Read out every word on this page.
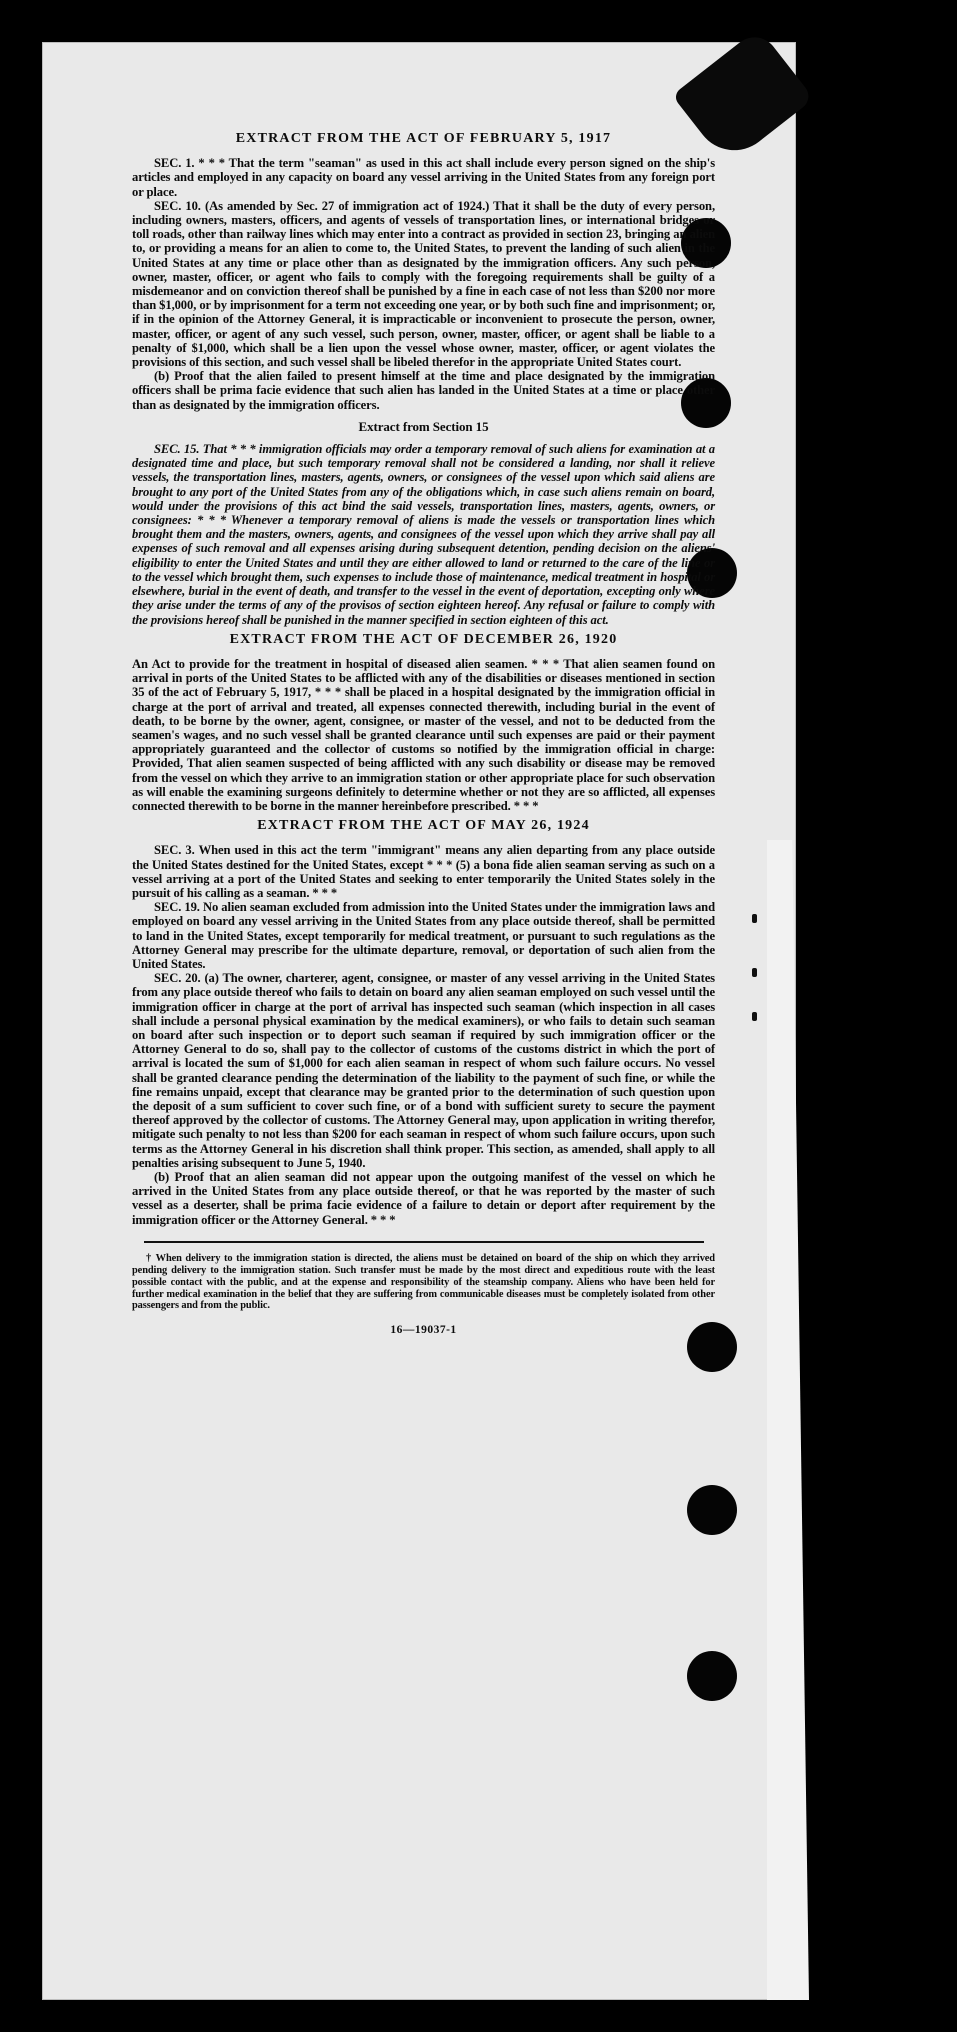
EXTRACT FROM THE ACT OF FEBRUARY 5, 1917

SEC. 1. * * * That the term "seaman" as used in this act shall include every person signed on the ship's articles and employed in any capacity on board any vessel arriving in the United States from any foreign port or place.

SEC. 10. (As amended by Sec. 27 of immigration act of 1924.) That it shall be the duty of every person, including owners, masters, officers, and agents of vessels of transportation lines, or international bridges or toll roads, other than railway lines which may enter into a contract as provided in section 23, bringing an alien to, or providing a means for an alien to come to, the United States, to prevent the landing of such alien in the United States at any time or place other than as designated by the immigration officers. Any such person, owner, master, officer, or agent who fails to comply with the foregoing requirements shall be guilty of a misdemeanor and on conviction thereof shall be punished by a fine in each case of not less than $200 nor more than $1,000, or by imprisonment for a term not exceeding one year, or by both such fine and imprisonment; or, if in the opinion of the Attorney General, it is impracticable or inconvenient to prosecute the person, owner, master, officer, or agent of any such vessel, such person, owner, master, officer, or agent shall be liable to a penalty of $1,000, which shall be a lien upon the vessel whose owner, master, officer, or agent violates the provisions of this section, and such vessel shall be libeled therefor in the appropriate United States court.

(b) Proof that the alien failed to present himself at the time and place designated by the immigration officers shall be prima facie evidence that such alien has landed in the United States at a time or place other than as designated by the immigration officers.

Extract from Section 15

SEC. 15. That * * * immigration officials may order a temporary removal of such aliens for examination at a designated time and place, but such temporary removal shall not be considered a landing, nor shall it relieve vessels, the transportation lines, masters, agents, owners, or consignees of the vessel upon which said aliens are brought to any port of the United States from any of the obligations which, in case such aliens remain on board, would under the provisions of this act bind the said vessels, transportation lines, masters, agents, owners, or consignees: * * * Whenever a temporary removal of aliens is made the vessels or transportation lines which brought them and the masters, owners, agents, and consignees of the vessel upon which they arrive shall pay all expenses of such removal and all expenses arising during subsequent detention, pending decision on the aliens' eligibility to enter the United States and until they are either allowed to land or returned to the care of the line or to the vessel which brought them, such expenses to include those of maintenance, medical treatment in hospital or elsewhere, burial in the event of death, and transfer to the vessel in the event of deportation, excepting only where they arise under the terms of any of the provisos of section eighteen hereof. Any refusal or failure to comply with the provisions hereof shall be punished in the manner specified in section eighteen of this act.

EXTRACT FROM THE ACT OF DECEMBER 26, 1920

An Act to provide for the treatment in hospital of diseased alien seamen. * * * That alien seamen found on arrival in ports of the United States to be afflicted with any of the disabilities or diseases mentioned in section 35 of the act of February 5, 1917, * * * shall be placed in a hospital designated by the immigration official in charge at the port of arrival and treated, all expenses connected therewith, including burial in the event of death, to be borne by the owner, agent, consignee, or master of the vessel, and not to be deducted from the seamen's wages, and no such vessel shall be granted clearance until such expenses are paid or their payment appropriately guaranteed and the collector of customs so notified by the immigration official in charge: Provided, That alien seamen suspected of being afflicted with any such disability or disease may be removed from the vessel on which they arrive to an immigration station or other appropriate place for such observation as will enable the examining surgeons definitely to determine whether or not they are so afflicted, all expenses connected therewith to be borne in the manner hereinbefore prescribed. * * *

EXTRACT FROM THE ACT OF MAY 26, 1924

SEC. 3. When used in this act the term "immigrant" means any alien departing from any place outside the United States destined for the United States, except * * * (5) a bona fide alien seaman serving as such on a vessel arriving at a port of the United States and seeking to enter temporarily the United States solely in the pursuit of his calling as a seaman. * * *

SEC. 19. No alien seaman excluded from admission into the United States under the immigration laws and employed on board any vessel arriving in the United States from any place outside thereof, shall be permitted to land in the United States, except temporarily for medical treatment, or pursuant to such regulations as the Attorney General may prescribe for the ultimate departure, removal, or deportation of such alien from the United States.

SEC. 20. (a) The owner, charterer, agent, consignee, or master of any vessel arriving in the United States from any place outside thereof who fails to detain on board any alien seaman employed on such vessel until the immigration officer in charge at the port of arrival has inspected such seaman (which inspection in all cases shall include a personal physical examination by the medical examiners), or who fails to detain such seaman on board after such inspection or to deport such seaman if required by such immigration officer or the Attorney General to do so, shall pay to the collector of customs of the customs district in which the port of arrival is located the sum of $1,000 for each alien seaman in respect of whom such failure occurs. No vessel shall be granted clearance pending the determination of the liability to the payment of such fine, or while the fine remains unpaid, except that clearance may be granted prior to the determination of such question upon the deposit of a sum sufficient to cover such fine, or of a bond with sufficient surety to secure the payment thereof approved by the collector of customs. The Attorney General may, upon application in writing therefor, mitigate such penalty to not less than $200 for each seaman in respect of whom such failure occurs, upon such terms as the Attorney General in his discretion shall think proper. This section, as amended, shall apply to all penalties arising subsequent to June 5, 1940.

(b) Proof that an alien seaman did not appear upon the outgoing manifest of the vessel on which he arrived in the United States from any place outside thereof, or that he was reported by the master of such vessel as a deserter, shall be prima facie evidence of a failure to detain or deport after requirement by the immigration officer or the Attorney General. * * *

† When delivery to the immigration station is directed, the aliens must be detained on board of the ship on which they arrived pending delivery to the immigration station. Such transfer must be made by the most direct and expeditious route with the least possible contact with the public, and at the expense and responsibility of the steamship company. Aliens who have been held for further medical examination in the belief that they are suffering from communicable diseases must be completely isolated from other passengers and from the public.

16—19037-1
